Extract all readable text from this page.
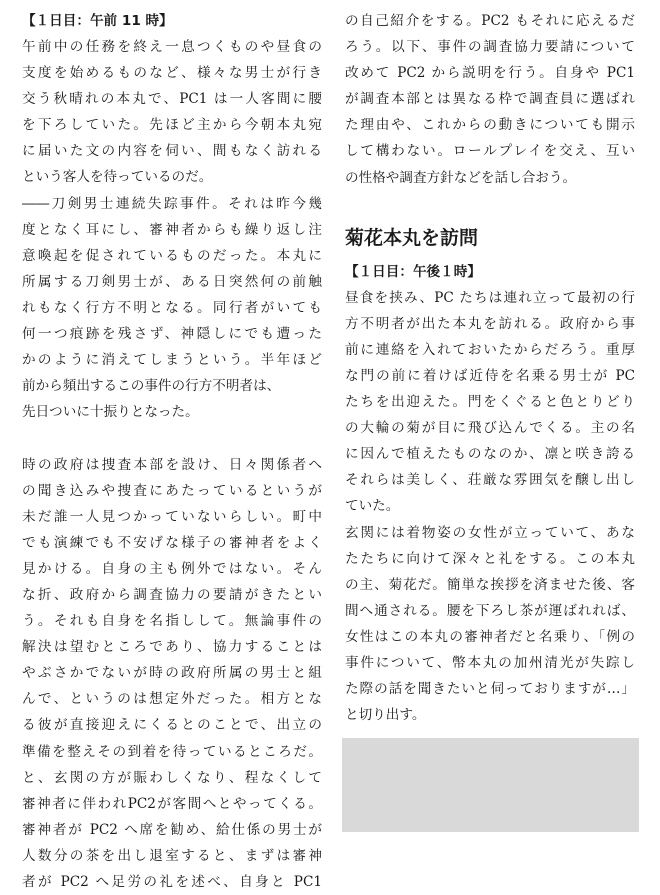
【１日目：午前 11 時】
午前中の任務を終え一息つくものや昼食の
支度を始めるものなど、様々な男士が行き
交う秋晴れの本丸で、PC1 は一人客間に腰
を下ろしていた。先ほど主から今朝本丸宛
に届いた文の内容を伺い、間もなく訪れる
という客人を待っているのだ。
――刀剣男士連続失踪事件。それは昨今幾
度となく耳にし、審神者からも繰り返し注
意喚起を促されているものだった。本丸に
所属する刀剣男士が、ある日突然何の前触
れもなく行方不明となる。同行者がいても
何一つ痕跡を残さず、神隠しにでも遭った
かのように消えてしまうという。半年ほど
前から頻出するこの事件の行方不明者は、
先日ついに十振りとなった。
時の政府は捜査本部を設け、日々関係者へ
の聞き込みや捜査にあたっているというが
未だ誰一人見つかっていないらしい。町中
でも演練でも不安げな様子の審神者をよく
見かける。自身の主も例外ではない。そん
な折、政府から調査協力の要請がきたとい
う。それも自身を名指しして。無論事件の
解決は望むところであり、協力することは
やぶさかでないが時の政府所属の男士と組
んで、というのは想定外だった。相方とな
る彼が直接迎えにくるとのことで、出立の
準備を整えその到着を待っているところだ。
と、玄関の方が賑わしくなり、程なくして
審神者に伴われPC2が客間へとやってくる。
審神者が PC2 へ席を勧め、給仕係の男士が
人数分の茶を出し退室すると、まずは審神
者が PC2 へ足労の礼を述べ、自身と PC1
の自己紹介をする。PC2 もそれに応えるだ
ろう。以下、事件の調査協力要請について
改めて PC2 から説明を行う。自身や PC1
が調査本部とは異なる枠で調査員に選ばれ
た理由や、これからの動きについても開示
して構わない。ロールプレイを交え、互い
の性格や調査方針などを話し合おう。
菊花本丸を訪問
【１日目：午後１時】
昼食を挟み、PC たちは連れ立って最初の行
方不明者が出た本丸を訪れる。政府から事
前に連絡を入れておいたからだろう。重厚
な門の前に着けば近侍を名乗る男士が PC
たちを出迎えた。門をくぐると色とりどり
の大輪の菊が目に飛び込んでくる。主の名
に因んで植えたものなのか、凛と咲き誇る
それらは美しく、荘厳な雰囲気を醸し出し
ていた。
玄関には着物姿の女性が立っていて、あな
たたちに向けて深々と礼をする。この本丸
の主、菊花だ。簡単な挨拶を済ませた後、客
間へ通される。腰を下ろし茶が運ばれれば、
女性はこの本丸の審神者だと名乗り、「例の
事件について、幣本丸の加州清光が失踪し
た際の話を聞きたいと伺っておりますが…」
と切り出す。
